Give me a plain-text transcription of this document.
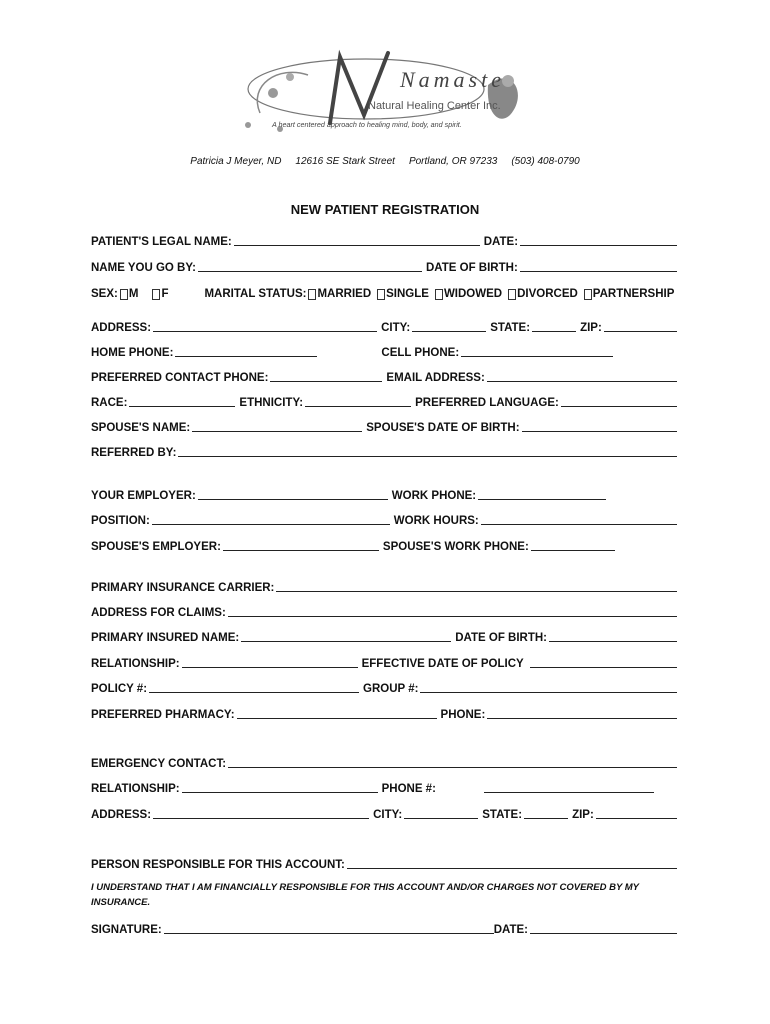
Namaste
Natural Healing Center Inc.
A heart centered approach to healing mind, body, and spirit.
Patricia J Meyer, ND 12616 SE Stark Street Portland, OR 97233 (503) 408-0790
NEW PATIENT REGISTRATION
PATIENT'S LEGAL NAME:	DATE:
NAME YOU GO BY:	DATE OF BIRTH:
SEX: M F	MARITAL STATUS: MARRIED SINGLE WIDOWED DIVORCED PARTNERSHIP
ADDRESS:	CITY:	STATE:	ZIP:
HOME PHONE:	CELL PHONE:
PREFERRED CONTACT PHONE:	EMAIL ADDRESS:
RACE:	ETHNICITY:	PREFERRED LANGUAGE:
SPOUSE'S NAME:	SPOUSE'S DATE OF BIRTH:
REFERRED BY:
YOUR EMPLOYER:	WORK PHONE:
POSITION:	WORK HOURS:
SPOUSE'S EMPLOYER:	SPOUSE'S WORK PHONE:
PRIMARY INSURANCE CARRIER:
ADDRESS FOR CLAIMS:
PRIMARY INSURED NAME:	DATE OF BIRTH:
RELATIONSHIP:	EFFECTIVE DATE OF POLICY
POLICY #:	GROUP #:
PREFERRED PHARMACY:	PHONE:
EMERGENCY CONTACT:
RELATIONSHIP:	PHONE #:
ADDRESS:	CITY:	STATE:	ZIP:
PERSON RESPONSIBLE FOR THIS ACCOUNT:
I UNDERSTAND THAT I AM FINANCIALLY RESPONSIBLE FOR THIS ACCOUNT AND/OR CHARGES NOT COVERED BY MY INSURANCE.
SIGNATURE:	DATE:
